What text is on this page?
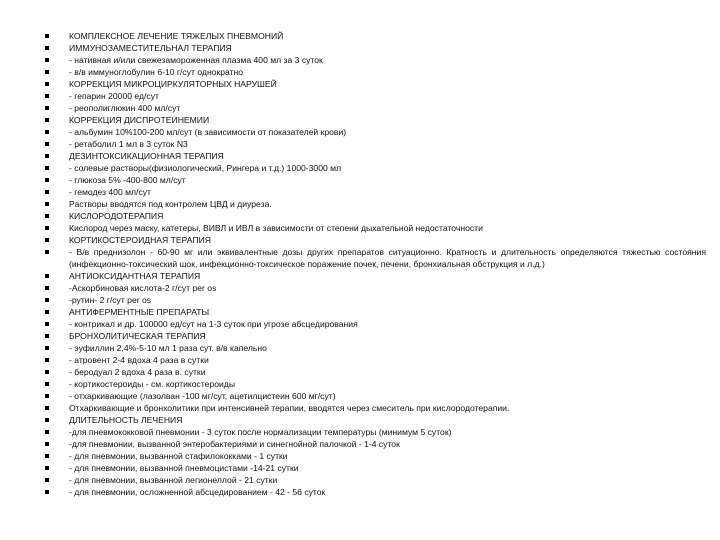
КОМПЛЕКСНОЕ ЛЕЧЕНИЕ ТЯЖЕЛЫХ ПНЕВМОНИЙ
ИММУНОЗАМЕСТИТЕЛЬНАЛ ТЕРАПИЯ
- нативная и/или свежезамороженная плазма 400 мл за 3 суток
- в/в иммуноглобулин 6-10 г/сут однократно
КОРРЕКЦИЯ МИКРОЦИРКУЛЯТОРНЫХ НАРУШЕЙ
- гепарин 20000 ед/сут
- реополиглюкин 400 мл/сут
КОРРЕКЦИЯ ДИСПРОТЕИНЕМИИ
- альбумин 10%100-200 мл/сут (в зависимости от показателей крови)
- ретаболил 1 мл в 3 суток N3
ДЕЗИНТОКСИКАЦИОННАЯ ТЕРАПИЯ
- солевые растворы(физиологический, Рингера и т.д.) 1000-3000 мл
- глюкоза 5% -400-800 мл/сут
- гемодез 400 мл/сут
Растворы вводятся под контролем ЦВД и диуреза.
КИСЛОРОДОТЕРАПИЯ
Кислород через маску, катетеры, ВИВЛ и ИВЛ в зависимости от степени дыхательной недостаточности
КОРТИКОСТЕРОИДНАЯ ТЕРАПИЯ
- В/в преднизолон - 60-90 мг или эквивалентные дозы других препаратов ситуационно. Кратность и длительность определяются тяжестью состояния (инфекционно-токсический шок, инфекционно-токсическое поражение почек, печени, бронхиальная обструкция и л.д.)
АНТИОКСИДАНТНАЯ ТЕРАПИЯ
-Аскорбиновая кислота-2 г/сут per os
-рутин- 2 г/сут per os
АНТИФЕРМЕНТНЫЕ ПРЕПАРАТЫ
- контрикал и др. 100000 ед/сут на 1-3 суток при угрозе абсцедирования
БРОНХОЛИТИЧЕСКАЯ ТЕРАПИЯ
- эуфиллин 2,4%-5-10 мл 1 раза сут. в/в капельно
- атровент 2-4 вдоха 4 раза в сутки
- беродуал 2 вдоха 4 раза в. сутки
- кортикостероиды - см. кортикостероиды
- отхаркивающие (лазолван -100 мг/сут, ацетилцистеин 600 мг/сут)
Отхаркивающие и бронхолитики при интенсивней терапии, вводятся через смеситель при кислородотерапии.
ДЛИТЕЛЬНОСТЬ ЛЕЧЕНИЯ
-для пневмококковой пневмонии - 3 суток после нормализации температуры (минимум 5 суток)
-для пневмонии, вызванной энтеробактериями и синегнойной палочкой - 1-4 суток
- для пневмонии, вызванной стафилококками - 1 сутки
- для пневмонии, вызванной пневмоцистами -14-21 сутки
- для пневмонии, вызванной легионеллой - 21 сутки
- для пневмонии, осложненной абсцедированием - 42 - 56 суток
